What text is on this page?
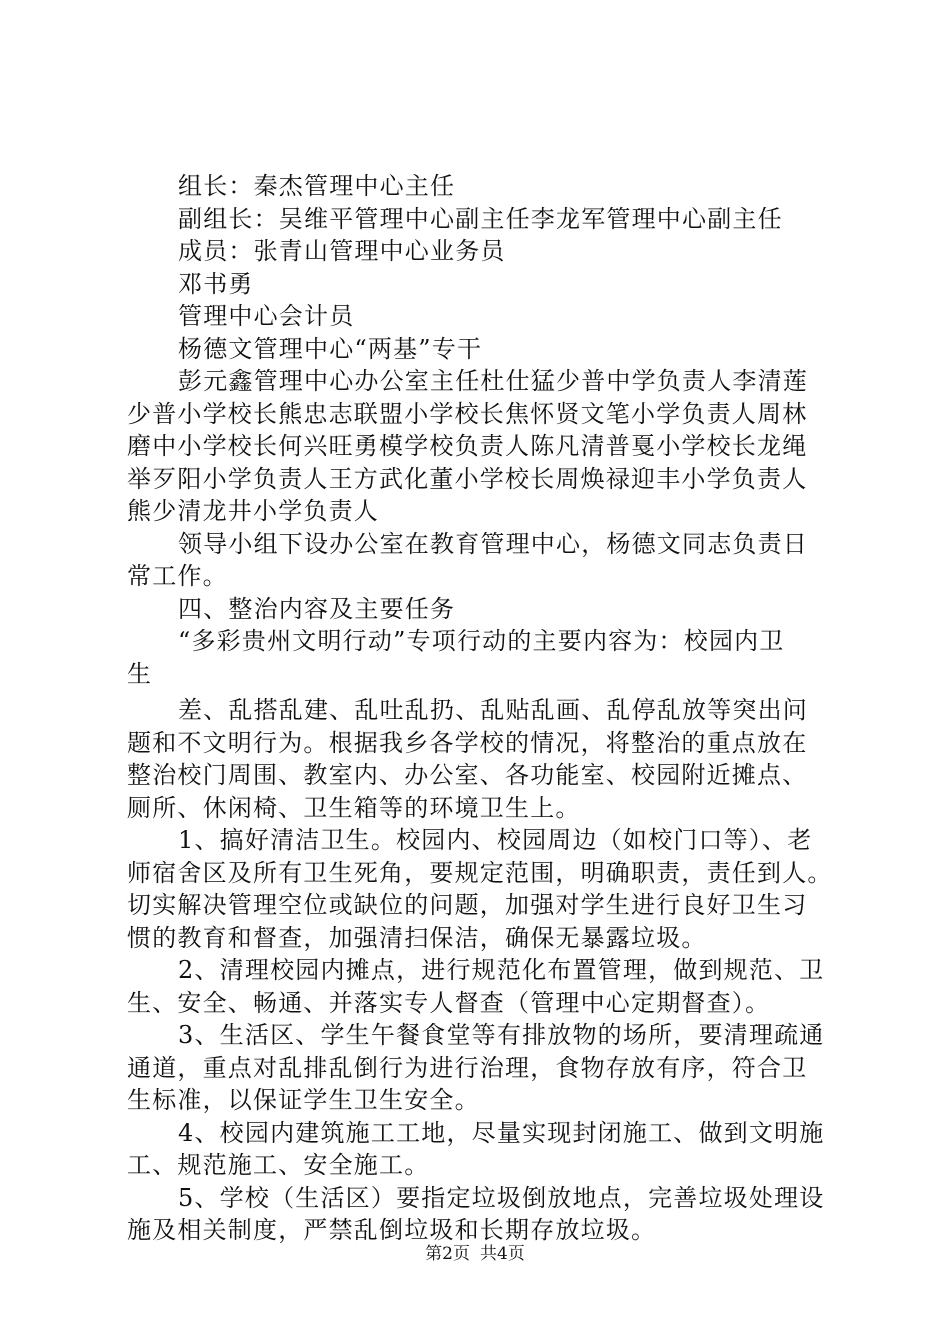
组长：秦杰管理中心主任
副组长：吴维平管理中心副主任李龙军管理中心副主任
成员：张青山管理中心业务员
邓书勇
管理中心会计员
杨德文管理中心“两基”专干
彭元鑫管理中心办公室主任杜仕猛少普中学负责人李清莲
少普小学校长熊忠志联盟小学校长焦怀贤文笔小学负责人周林
磨中小学校长何兴旺勇模学校负责人陈凡清普戛小学校长龙绳
举歹阳小学负责人王方武化董小学校长周焕禄迎丰小学负责人
熊少清龙井小学负责人
领导小组下设办公室在教育管理中心，杨德文同志负责日
常工作。
四、整治内容及主要任务
“多彩贵州文明行动”专项行动的主要内容为：校园内卫
生
差、乱搭乱建、乱吐乱扔、乱贴乱画、乱停乱放等突出问
题和不文明行为。根据我乡各学校的情况，将整治的重点放在
整治校门周围、教室内、办公室、各功能室、校园附近摊点、
厕所、休闲椅、卫生箱等的环境卫生上。
1、搞好清洁卫生。校园内、校园周边（如校门口等）、老
师宿舍区及所有卫生死角，要规定范围，明确职责，责任到人。
切实解决管理空位或缺位的问题，加强对学生进行良好卫生习
惯的教育和督查，加强清扫保洁，确保无暴露垃圾。
2、清理校园内摊点，进行规范化布置管理，做到规范、卫
生、安全、畅通、并落实专人督查（管理中心定期督查）。
3、生活区、学生午餐食堂等有排放物的场所，要清理疏通
通道，重点对乱排乱倒行为进行治理，食物存放有序，符合卫
生标准，以保证学生卫生安全。
4、校园内建筑施工工地，尽量实现封闭施工、做到文明施
工、规范施工、安全施工。
5、学校（生活区）要指定垃圾倒放地点，完善垃圾处理设
施及相关制度，严禁乱倒垃圾和长期存放垃圾。
第2页 共4页
